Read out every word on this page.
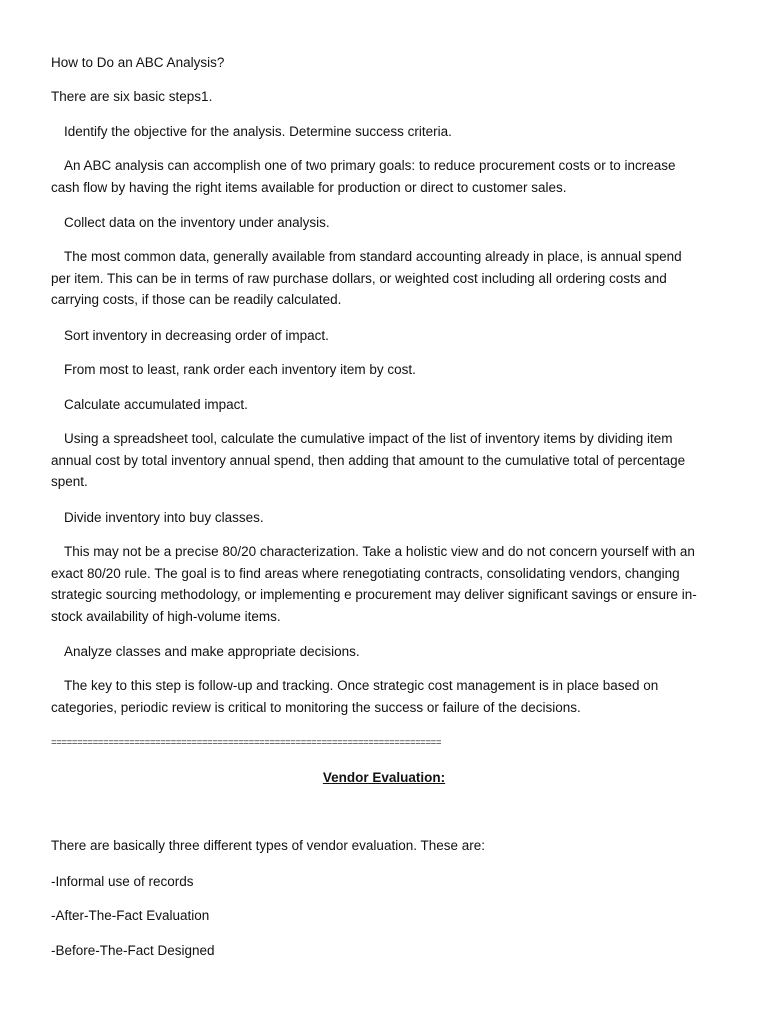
How to Do an ABC Analysis?
There are six basic steps1.
Identify the objective for the analysis. Determine success criteria.
An ABC analysis can accomplish one of two primary goals: to reduce procurement costs or to increase cash flow by having the right items available for production or direct to customer sales.
Collect data on the inventory under analysis.
The most common data, generally available from standard accounting already in place, is annual spend per item. This can be in terms of raw purchase dollars, or weighted cost including all ordering costs and carrying costs, if those can be readily calculated.
Sort inventory in decreasing order of impact.
From most to least, rank order each inventory item by cost.
Calculate accumulated impact.
Using a spreadsheet tool, calculate the cumulative impact of the list of inventory items by dividing item annual cost by total inventory annual spend, then adding that amount to the cumulative total of percentage spent.
Divide inventory into buy classes.
This may not be a precise 80/20 characterization. Take a holistic view and do not concern yourself with an exact 80/20 rule. The goal is to find areas where renegotiating contracts, consolidating vendors, changing strategic sourcing methodology, or implementing e procurement may deliver significant savings or ensure in-stock availability of high-volume items.
Analyze classes and make appropriate decisions.
The key to this step is follow-up and tracking. Once strategic cost management is in place based on categories, periodic review is critical to monitoring the success or failure of the decisions.
===========================================================================
Vendor Evaluation:
There are basically three different types of vendor evaluation. These are:
-Informal use of records
-After-The-Fact Evaluation
-Before-The-Fact Designed
